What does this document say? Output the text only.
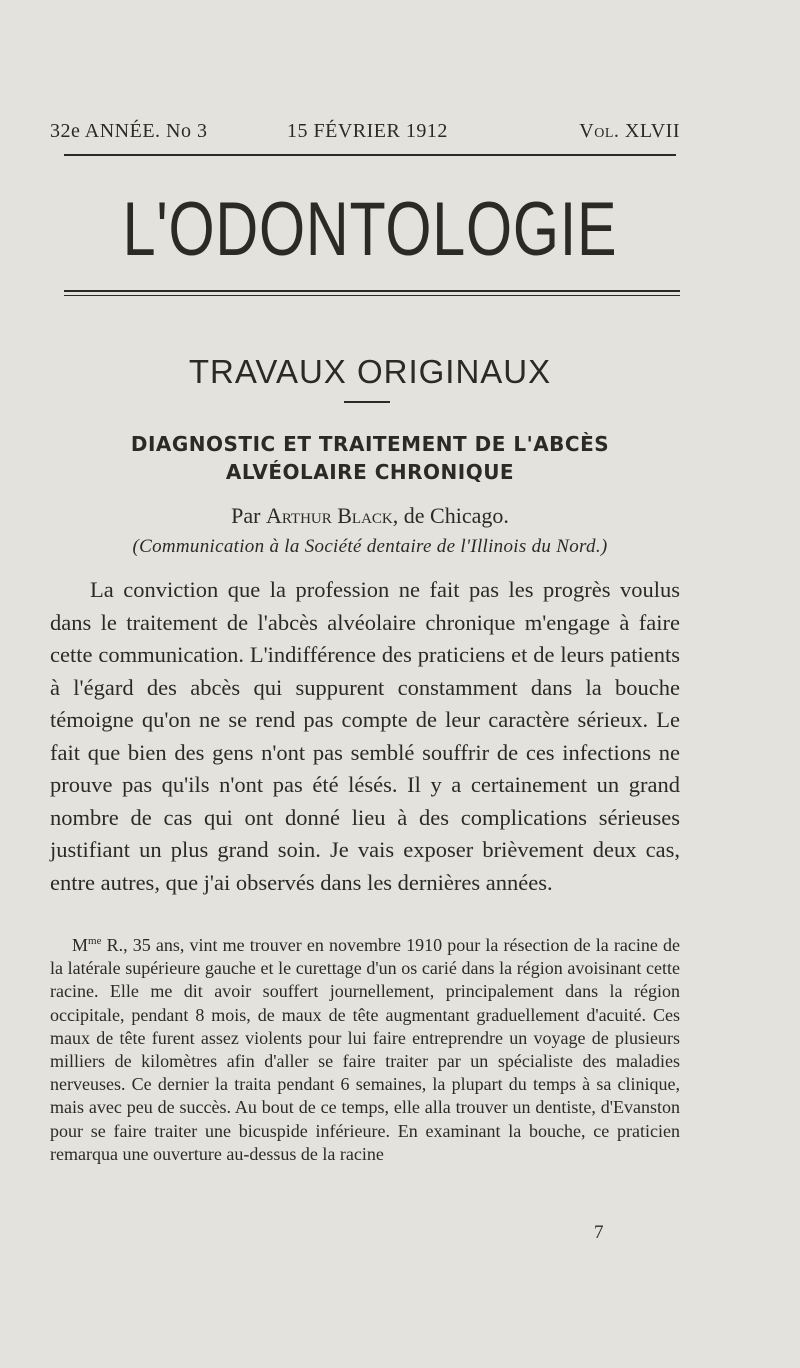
32e ANNÉE. No 3	15 FÉVRIER 1912	Vol. XLVII
L'ODONTOLOGIE
TRAVAUX ORIGINAUX
DIAGNOSTIC ET TRAITEMENT DE L'ABCÈS
ALVÉOLAIRE CHRONIQUE
Par Arthur Black, de Chicago.
(Communication à la Société dentaire de l'Illinois du Nord.)

La conviction que la profession ne fait pas les progrès voulus dans le traitement de l'abcès alvéolaire chronique m'engage à faire cette communication. L'indifférence des praticiens et de leurs patients à l'égard des abcès qui suppurent constamment dans la bouche témoigne qu'on ne se rend pas compte de leur caractère sérieux. Le fait que bien des gens n'ont pas semblé souffrir de ces infections ne prouve pas qu'ils n'ont pas été lésés. Il y a certainement un grand nombre de cas qui ont donné lieu à des complications sérieuses justifiant un plus grand soin. Je vais exposer brièvement deux cas, entre autres, que j'ai observés dans les dernières années.

$M^{me}$ R., 35 ans, vint me trouver en novembre 1910 pour la résection de la racine de la latérale supérieure gauche et le curettage d'un os carié dans la région avoisinant cette racine. Elle me dit avoir souffert journellement, principalement dans la région occipitale, pendant 8 mois, de maux de tête augmentant graduellement d'acuité. Ces maux de tête furent assez violents pour lui faire entreprendre un voyage de plusieurs milliers de kilomètres afin d'aller se faire traiter par un spécialiste des maladies nerveuses. Ce dernier la traita pendant 6 semaines, la plupart du temps à sa clinique, mais avec peu de succès. Au bout de ce temps, elle alla trouver un dentiste, d'Evanston pour se faire traiter une bicuspide inférieure. En examinant la bouche, ce praticien remarqua une ouverture au-dessus de la racine

7
